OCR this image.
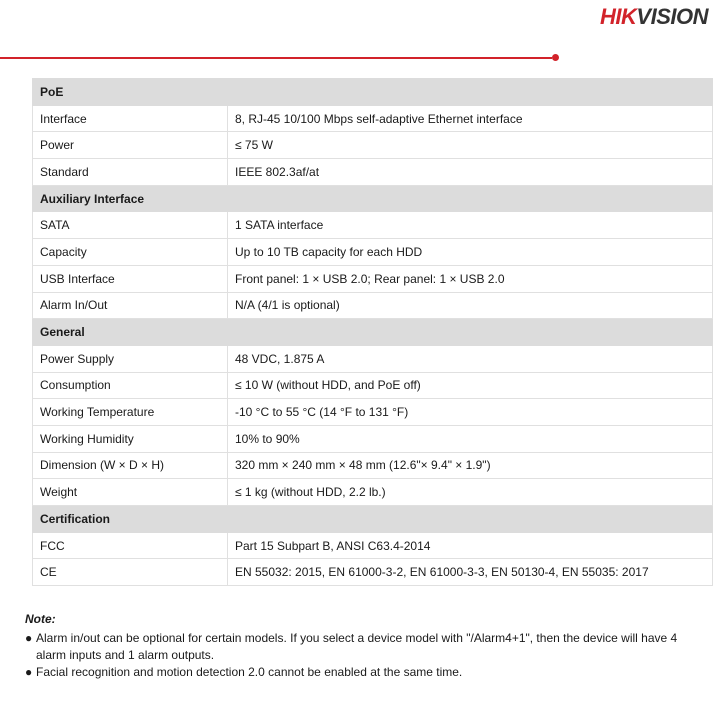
HIKVISION
PoE	
Interface	8, RJ-45 10/100 Mbps self-adaptive Ethernet interface
Power	≤ 75 W
Standard	IEEE 802.3af/at
Auxiliary Interface	
SATA	1 SATA interface
Capacity	Up to 10 TB capacity for each HDD
USB Interface	Front panel: 1 × USB 2.0; Rear panel: 1 × USB 2.0
Alarm In/Out	N/A (4/1 is optional)
General	
Power Supply	48 VDC, 1.875 A
Consumption	≤ 10 W (without HDD, and PoE off)
Working Temperature	-10 °C to 55 °C (14 °F to 131 °F)
Working Humidity	10% to 90%
Dimension (W × D × H)	320 mm × 240 mm × 48 mm (12.6"× 9.4" × 1.9")
Weight	≤ 1 kg (without HDD, 2.2 lb.)
Certification	
FCC	Part 15 Subpart B, ANSI C63.4-2014
CE	EN 55032: 2015, EN 61000-3-2, EN 61000-3-3, EN 50130-4, EN 55035: 2017
Note:
● Alarm in/out can be optional for certain models. If you select a device model with "/Alarm4+1", then the device will have 4 alarm inputs and 1 alarm outputs.
● Facial recognition and motion detection 2.0 cannot be enabled at the same time.
